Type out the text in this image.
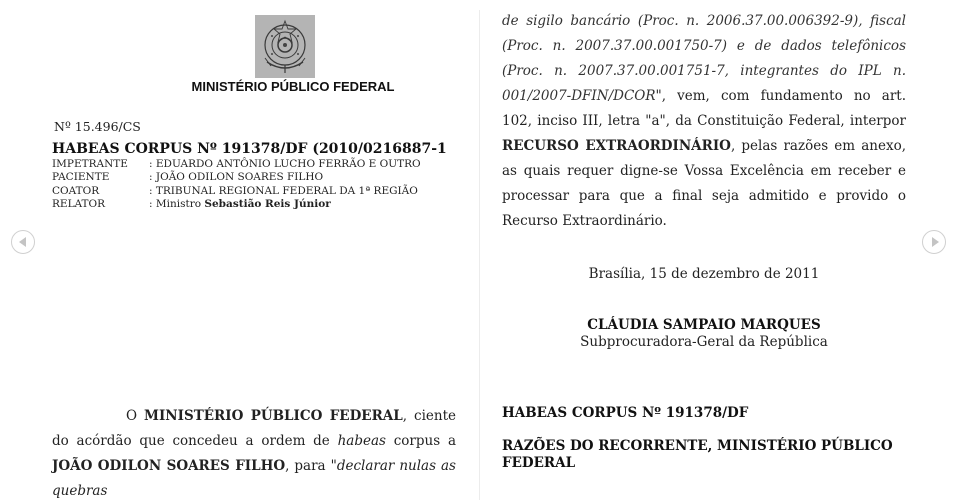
MINISTÉRIO PÚBLICO FEDERAL
Nº 15.496/CS
HABEAS CORPUS Nº 191378/DF (2010/0216887-1
IMPETRANTE : EDUARDO ANTÔNIO LUCHO FERRÃO E OUTRO
PACIENTE	: JOÃO ODILON SOARES FILHO
COATOR	: TRIBUNAL REGIONAL FEDERAL DA 1ª REGIÃO
RELATOR	: Ministro Sebastião Reis Júnior

O MINISTÉRIO PÚBLICO FEDERAL, ciente do acórdão que concedeu a ordem de habeas corpus a JOÃO ODILON SOARES FILHO, para "declarar nulas as quebras

de sigilo bancário (Proc. n. 2006.37.00.006392-9), fiscal (Proc. n. 2007.37.00.001750-7) e de dados telefônicos (Proc. n. 2007.37.00.001751-7, integrantes do IPL n. 001/2007-DFIN/DCOR", vem, com fundamento no art. 102, inciso III, letra "a", da Constituição Federal, interpor RECURSO EXTRAORDINÁRIO, pelas razões em anexo, as quais requer digne-se Vossa Excelência em receber e processar para que a final seja admitido e provido o Recurso Extraordinário.

Brasília, 15 de dezembro de 2011
CLÁUDIA SAMPAIO MARQUES
Subprocuradora-Geral da República
HABEAS CORPUS Nº 191378/DF
RAZÕES DO RECORRENTE, MINISTÉRIO PÚBLICO FEDERAL
